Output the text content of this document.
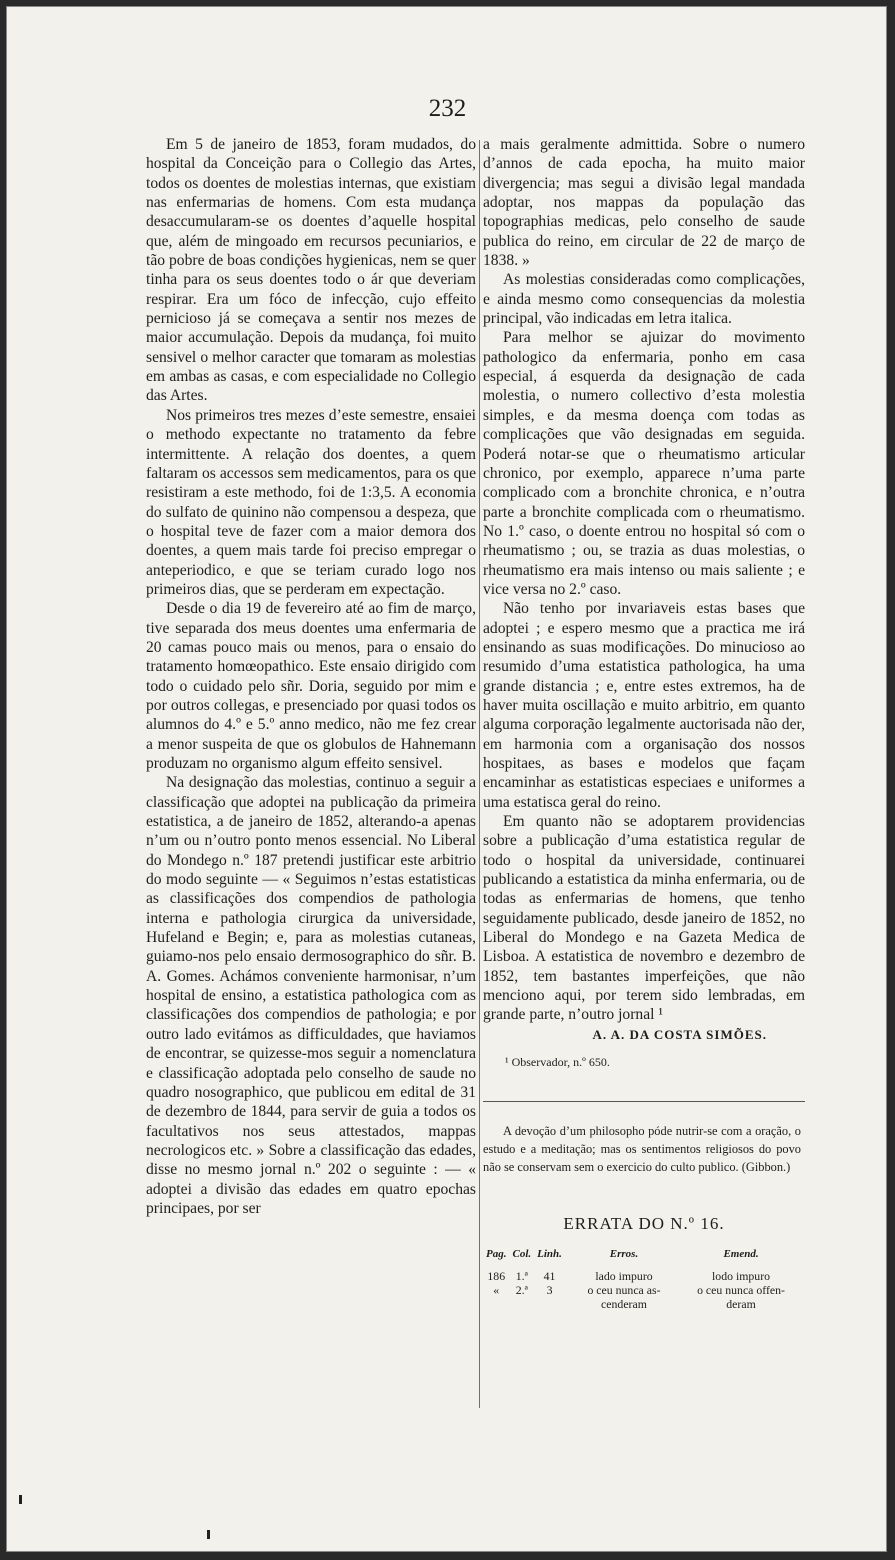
232

Em 5 de janeiro de 1853, foram mudados, do hospital da Conceição para o Collegio das Artes, todos os doentes de molestias internas, que existiam nas enfermarias de homens. Com esta mudança desaccumularam-se os doentes d’aquelle hospital que, além de mingoado em recursos pecuniarios, e tão pobre de boas condições hygienicas, nem se quer tinha para os seus doentes todo o ár que deveriam respirar. Era um fóco de infecção, cujo effeito pernicioso já se começava a sentir nos mezes de maior accumulação. Depois da mudança, foi muito sensivel o melhor caracter que tomaram as molestias em ambas as casas, e com especialidade no Collegio das Artes.

Nos primeiros tres mezes d’este semestre, ensaiei o methodo expectante no tratamento da febre intermittente. A relação dos doentes, a quem faltaram os accessos sem medicamentos, para os que resistiram a este methodo, foi de 1:3,5. A economia do sulfato de quinino não compensou a despeza, que o hospital teve de fazer com a maior demora dos doentes, a quem mais tarde foi preciso empregar o anteperiodico, e que se teriam curado logo nos primeiros dias, que se perderam em expectação.

Desde o dia 19 de fevereiro até ao fim de março, tive separada dos meus doentes uma enfermaria de 20 camas pouco mais ou menos, para o ensaio do tratamento homœopathico. Este ensaio dirigido com todo o cuidado pelo sñr. Doria, seguido por mim e por outros collegas, e presenciado por quasi todos os alumnos do 4.º e 5.º anno medico, não me fez crear a menor suspeita de que os globulos de Hahnemann produzam no organismo algum effeito sensivel.

Na designação das molestias, continuo a seguir a classificação que adoptei na publicação da primeira estatistica, a de janeiro de 1852, alterando-a apenas n’um ou n’outro ponto menos essencial. No Liberal do Mondego n.º 187 pretendi justificar este arbitrio do modo seguinte — « Seguimos n’estas estatisticas as classificações dos compendios de pathologia interna e pathologia cirurgica da universidade, Hufeland e Begin; e, para as molestias cutaneas, guiamo-nos pelo ensaio dermosographico do sñr. B. A. Gomes. Achámos conveniente harmonisar, n’um hospital de ensino, a estatistica pathologica com as classificações dos compendios de pathologia; e por outro lado evitámos as difficuldades, que haviamos de encontrar, se quizesse-mos seguir a nomenclatura e classificação adoptada pelo conselho de saude no quadro nosographico, que publicou em edital de 31 de dezembro de 1844, para servir de guia a todos os facultativos nos seus attestados, mappas necrologicos etc. » Sobre a classificação das edades, disse no mesmo jornal n.º 202 o seguinte : — « adoptei a divisão das edades em quatro epochas principaes, por ser

a mais geralmente admittida. Sobre o numero d’annos de cada epocha, ha muito maior divergencia; mas segui a divisão legal mandada adoptar, nos mappas da população das topographias medicas, pelo conselho de saude publica do reino, em circular de 22 de março de 1838. »

As molestias consideradas como complicações, e ainda mesmo como consequencias da molestia principal, vão indicadas em letra italica.

Para melhor se ajuizar do movimento pathologico da enfermaria, ponho em casa especial, á esquerda da designação de cada molestia, o numero collectivo d’esta molestia simples, e da mesma doença com todas as complicações que vão designadas em seguida. Poderá notar-se que o rheumatismo articular chronico, por exemplo, apparece n’uma parte complicado com a bronchite chronica, e n’outra parte a bronchite complicada com o rheumatismo. No 1.º caso, o doente entrou no hospital só com o rheumatismo ; ou, se trazia as duas molestias, o rheumatismo era mais intenso ou mais saliente ; e vice versa no 2.º caso.

Não tenho por invariaveis estas bases que adoptei ; e espero mesmo que a practica me irá ensinando as suas modificações. Do minucioso ao resumido d’uma estatistica pathologica, ha uma grande distancia ; e, entre estes extremos, ha de haver muita oscillação e muito arbitrio, em quanto alguma corporação legalmente auctorisada não der, em harmonia com a organisação dos nossos hospitaes, as bases e modelos que façam encaminhar as estatisticas especiaes e uniformes a uma estatisca geral do reino.

Em quanto não se adoptarem providencias sobre a publicação d’uma estatistica regular de todo o hospital da universidade, continuarei publicando a estatistica da minha enfermaria, ou de todas as enfermarias de homens, que tenho seguidamente publicado, desde janeiro de 1852, no Liberal do Mondego e na Gazeta Medica de Lisboa. A estatistica de novembro e dezembro de 1852, tem bastantes imperfeições, que não menciono aqui, por terem sido lembradas, em grande parte, n’outro jornal ¹

A. A. DA COSTA SIMÕES.

¹ Observador, n.º 650.

A devoção d’um philosopho póde nutrir-se com a oração, o estudo e a meditação; mas os sentimentos religiosos do povo não se conservam sem o exercicio do culto publico. (Gibbon.)

ERRATA DO N.º 16.

Pag.	Col.	Linh.	Erros.	Emend.
186	1.ª	41	lado impuro	lodo impuro
«	2.ª	3	o ceu nunca as cenderam	o ceu nunca offen deram
